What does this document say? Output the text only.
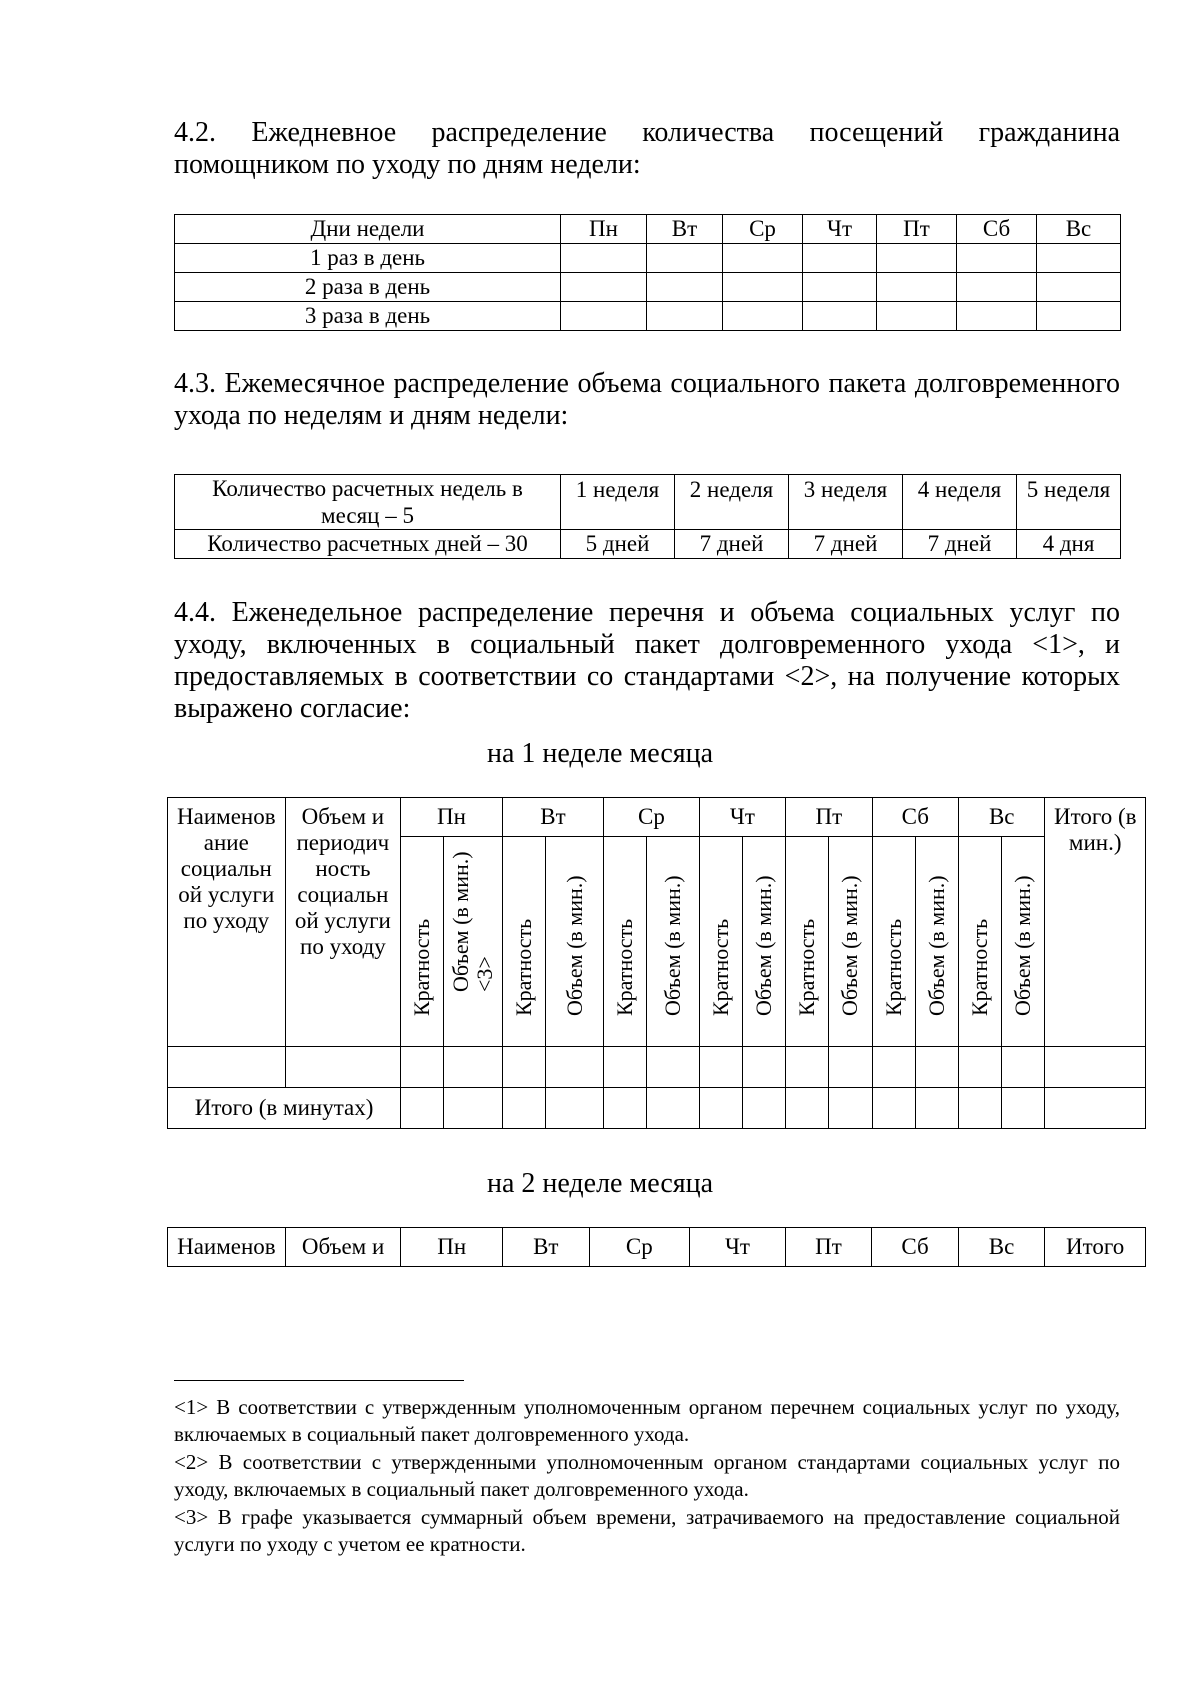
4.2. Ежедневное распределение количества посещений гражданина помощником по уходу по дням недели:

Дни недели	Пн	Вт	Ср	Чт	Пт	Сб	Вс
1 раз в день							
2 раза в день							
3 раза в день							

4.3. Ежемесячное распределение объема социального пакета долговременного ухода по неделям и дням недели:

Количество расчетных недель в месяц – 5	1 неделя	2 неделя	3 неделя	4 неделя	5 неделя
Количество расчетных дней – 30	5 дней	7 дней	7 дней	7 дней	4 дня

4.4. Еженедельное распределение перечня и объема социальных услуг по уходу, включенных в социальный пакет долговременного ухода <1>, и предоставляемых в соответствии со стандартами <2>, на получение которых выражено согласие:

на 1 неделе месяца
Наименов ание социальн ой услуги по уходу	Объем и периодич ность социальн ой услуги по уходу	Пн		Вт		Ср		Чт		Пт		Сб		Вс		Итого (в мин.)

		Кратность	Объем (в мин.) <3>	Кратность	Объем (в мин.)	Кратность	Объем (в мин.)	Кратность	Объем (в мин.)	Кратность	Объем (в мин.)	Кратность	Объем (в мин.)	Кратность	Объем (в мин.)	

Итого (в минутах)																
на 2 неделе месяца
Наименов	Объем и	Пн	Вт	Ср	Чт	Пт	Сб	Вс	Итого

<1> В соответствии с утвержденным уполномоченным органом перечнем социальных услуг по уходу, включаемых в социальный пакет долговременного ухода.

<2> В соответствии с утвержденными уполномоченным органом стандартами социальных услуг по уходу, включаемых в социальный пакет долговременного ухода.

<3> В графе указывается суммарный объем времени, затрачиваемого на предоставление социальной услуги по уходу с учетом ее кратности.
